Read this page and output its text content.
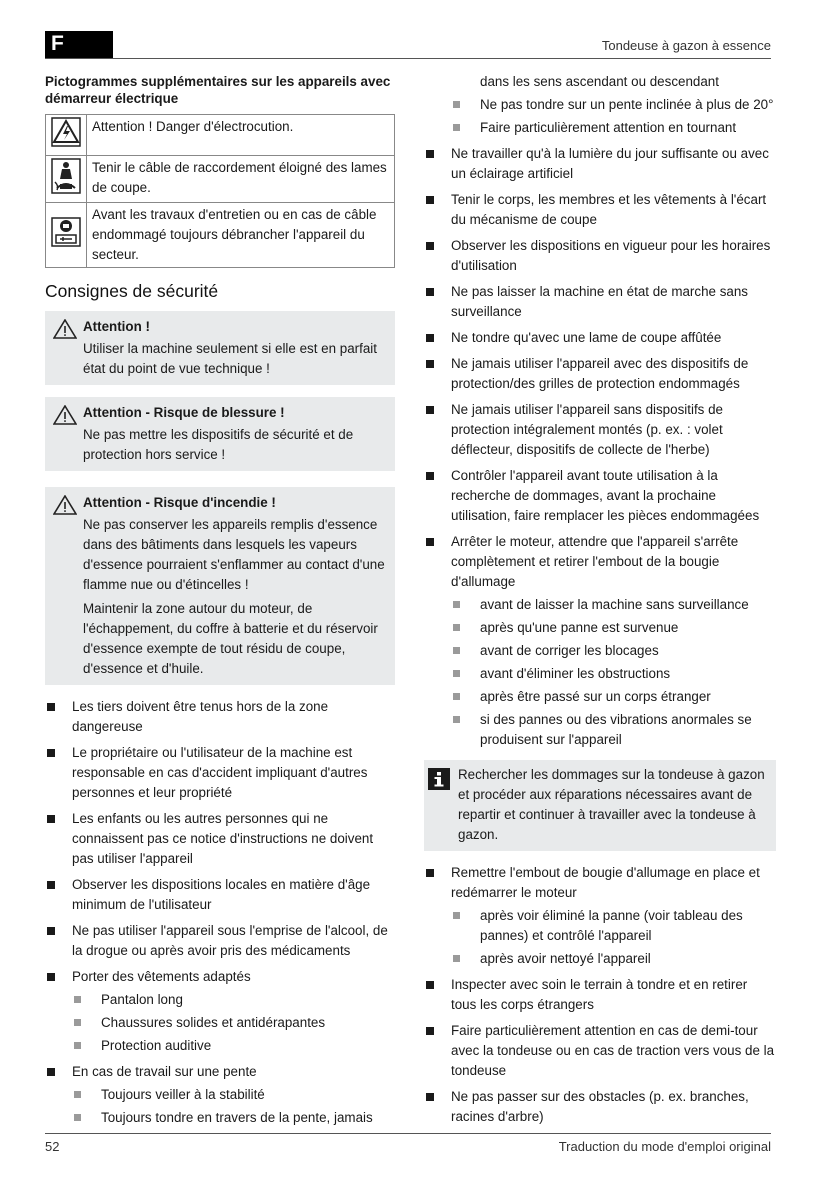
F	Tondeuse à gazon à essence
Pictogrammes supplémentaires sur les appareils avec démarreur électrique
	Attention ! Danger d'électrocution.
	Tenir le câble de raccordement éloigné des lames de coupe.
	Avant les travaux d'entretien ou en cas de câble endommagé toujours débrancher l'appareil du secteur.
Consignes de sécurité
Attention !
Utiliser la machine seulement si elle est en parfait état du point de vue technique !
Attention - Risque de blessure !
Ne pas mettre les dispositifs de sécurité et de protection hors service !
Attention - Risque d'incendie !
Ne pas conserver les appareils remplis d'essence dans des bâtiments dans lesquels les vapeurs d'essence pourraient s'enflammer au contact d'une flamme nue ou d'étincelles !
Maintenir la zone autour du moteur, de l'échappement, du coffre à batterie et du réservoir d'essence exempte de tout résidu de coupe, d'essence et d'huile.
Les tiers doivent être tenus hors de la zone dangereuse
Le propriétaire ou l'utilisateur de la machine est responsable en cas d'accident impliquant d'autres personnes et leur propriété
Les enfants ou les autres personnes qui ne connaissent pas ce notice d'instructions ne doivent pas utiliser l'appareil
Observer les dispositions locales en matière d'âge minimum de l'utilisateur
Ne pas utiliser l'appareil sous l'emprise de l'alcool, de la drogue ou après avoir pris des médicaments
Porter des vêtements adaptés
Pantalon long
Chaussures solides et antidérapantes
Protection auditive
En cas de travail sur une pente
Toujours veiller à la stabilité
Toujours tondre en travers de la pente, jamais
dans les sens ascendant ou descendant
Ne pas tondre sur un pente inclinée à plus de 20°
Faire particulièrement attention en tournant
Ne travailler qu'à la lumière du jour suffisante ou avec un éclairage artificiel
Tenir le corps, les membres et les vêtements à l'écart du mécanisme de coupe
Observer les dispositions en vigueur pour les horaires d'utilisation
Ne pas laisser la machine en état de marche sans surveillance
Ne tondre qu'avec une lame de coupe affûtée
Ne jamais utiliser l'appareil avec des dispositifs de protection/des grilles de protection endommagés
Ne jamais utiliser l'appareil sans dispositifs de protection intégralement montés (p. ex. : volet déflecteur, dispositifs de collecte de l'herbe)
Contrôler l'appareil avant toute utilisation à la recherche de dommages, avant la prochaine utilisation, faire remplacer les pièces endommagées
Arrêter le moteur, attendre que l'appareil s'arrête complètement et retirer l'embout de la bougie d'allumage
avant de laisser la machine sans surveillance
après qu'une panne est survenue
avant de corriger les blocages
avant d'éliminer les obstructions
après être passé sur un corps étranger
si des pannes ou des vibrations anormales se produisent sur l'appareil
Rechercher les dommages sur la tondeuse à gazon et procéder aux réparations nécessaires avant de repartir et continuer à travailler avec la tondeuse à gazon.
Remettre l'embout de bougie d'allumage en place et redémarrer le moteur
après voir éliminé la panne (voir tableau des pannes) et contrôlé l'appareil
après avoir nettoyé l'appareil
Inspecter avec soin le terrain à tondre et en retirer tous les corps étrangers
Faire particulièrement attention en cas de demi-tour avec la tondeuse ou en cas de traction vers vous de la tondeuse
Ne pas passer sur des obstacles (p. ex. branches, racines d'arbre)
52	Traduction du mode d'emploi original
